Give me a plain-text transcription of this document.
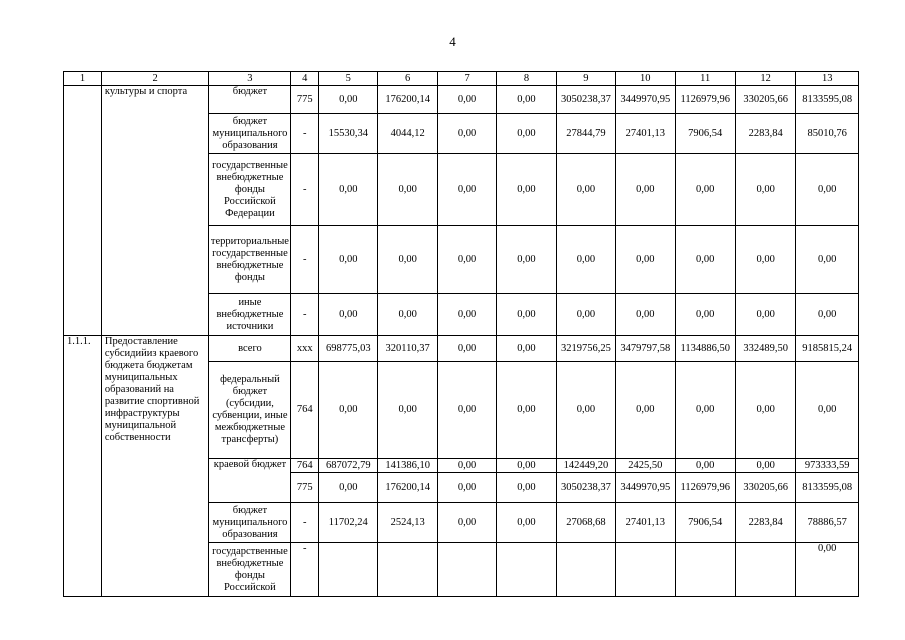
4
1	2	3	4	5	6	7	8	9	10	11	12	13
	культуры и спорта	бюджет	775	0,00	176200,14	0,00	0,00	3050238,37	3449970,95	1126979,96	330205,66	8133595,08
		бюджет муниципального образования	-	15530,34	4044,12	0,00	0,00	27844,79	27401,13	7906,54	2283,84	85010,76
		государственные внебюджетные фонды Российской Федерации	-	0,00	0,00	0,00	0,00	0,00	0,00	0,00	0,00	0,00
		территориальные государственные внебюджетные фонды	-	0,00	0,00	0,00	0,00	0,00	0,00	0,00	0,00	0,00
		иные внебюджетные источники	-	0,00	0,00	0,00	0,00	0,00	0,00	0,00	0,00	0,00
1.1.1.	Предоставление субсидийиз краевого бюджета бюджетам муниципальных образований на развитие спортивной инфраструктуры муниципальной собственности	всего	xxx	698775,03	320110,37	0,00	0,00	3219756,25	3479797,58	1134886,50	332489,50	9185815,24
		федеральный бюджет (субсидии, субвенции, иные межбюджетные трансферты)	764	0,00	0,00	0,00	0,00	0,00	0,00	0,00	0,00	0,00
		краевой бюджет	764	687072,79	141386,10	0,00	0,00	142449,20	2425,50	0,00	0,00	973333,59
			775	0,00	176200,14	0,00	0,00	3050238,37	3449970,95	1126979,96	330205,66	8133595,08
		бюджет муниципального образования	-	11702,24	2524,13	0,00	0,00	27068,68	27401,13	7906,54	2283,84	78886,57
		государственные внебюджетные фонды Российской	-									0,00
